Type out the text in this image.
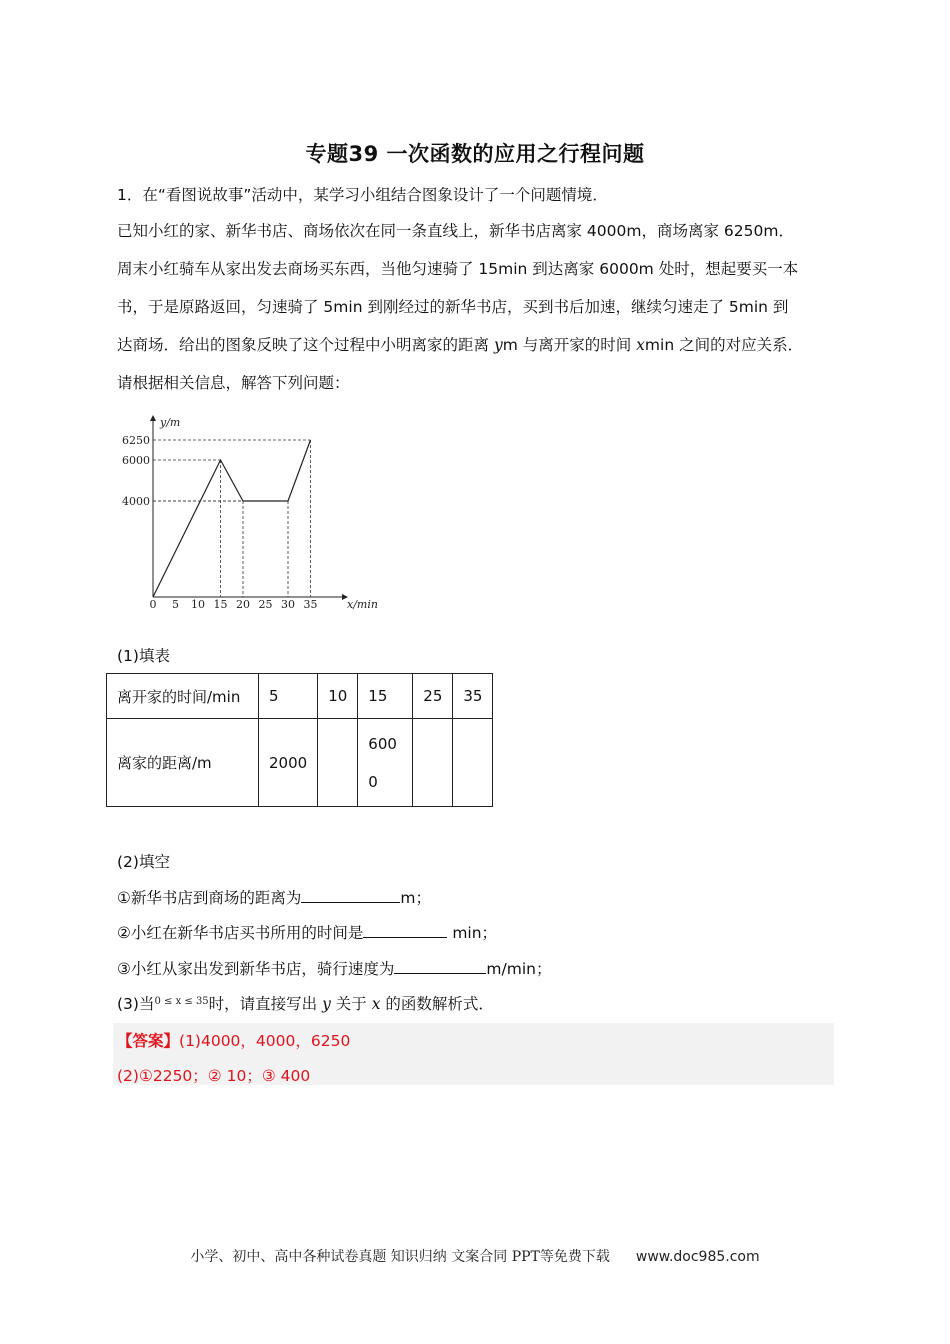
专题39 一次函数的应用之行程问题
1．在“看图说故事”活动中，某学习小组结合图象设计了一个问题情境．
已知小红的家、新华书店、商场依次在同一条直线上，新华书店离家 4000m，商场离家 6250m．
周末小红骑车从家出发去商场买东西，当他匀速骑了 15min 到达离家 6000m 处时，想起要买一本
书，于是原路返回，匀速骑了 5min 到刚经过的新华书店，买到书后加速，继续匀速走了 5min 到
达商场．给出的图象反映了这个过程中小明离家的距离 ym 与离开家的时间 xmin 之间的对应关系．
请根据相关信息，解答下列问题：
y/m
x/min
0 5 10 15 20 25 30 35
4000
6000
6250
(1)填表
离开家的时间/min	5	10	15	25	35
离家的距离/m	2000		600
0		
(2)填空
①新华书店到商场的距离为	m；
②小红在新华书店买书所用的时间是	min；
③小红从家出发到新华书店，骑行速度为	m/min；
(3)当$^{0 \le x \le 35}$时，请直接写出 y 关于 x 的函数解析式．
【答案】(1)4000，4000，6250
(2)①2250；② 10；③ 400
小学、初中、高中各种试卷真题 知识归纳 文案合同 PPT等免费下载 www.doc985.com
